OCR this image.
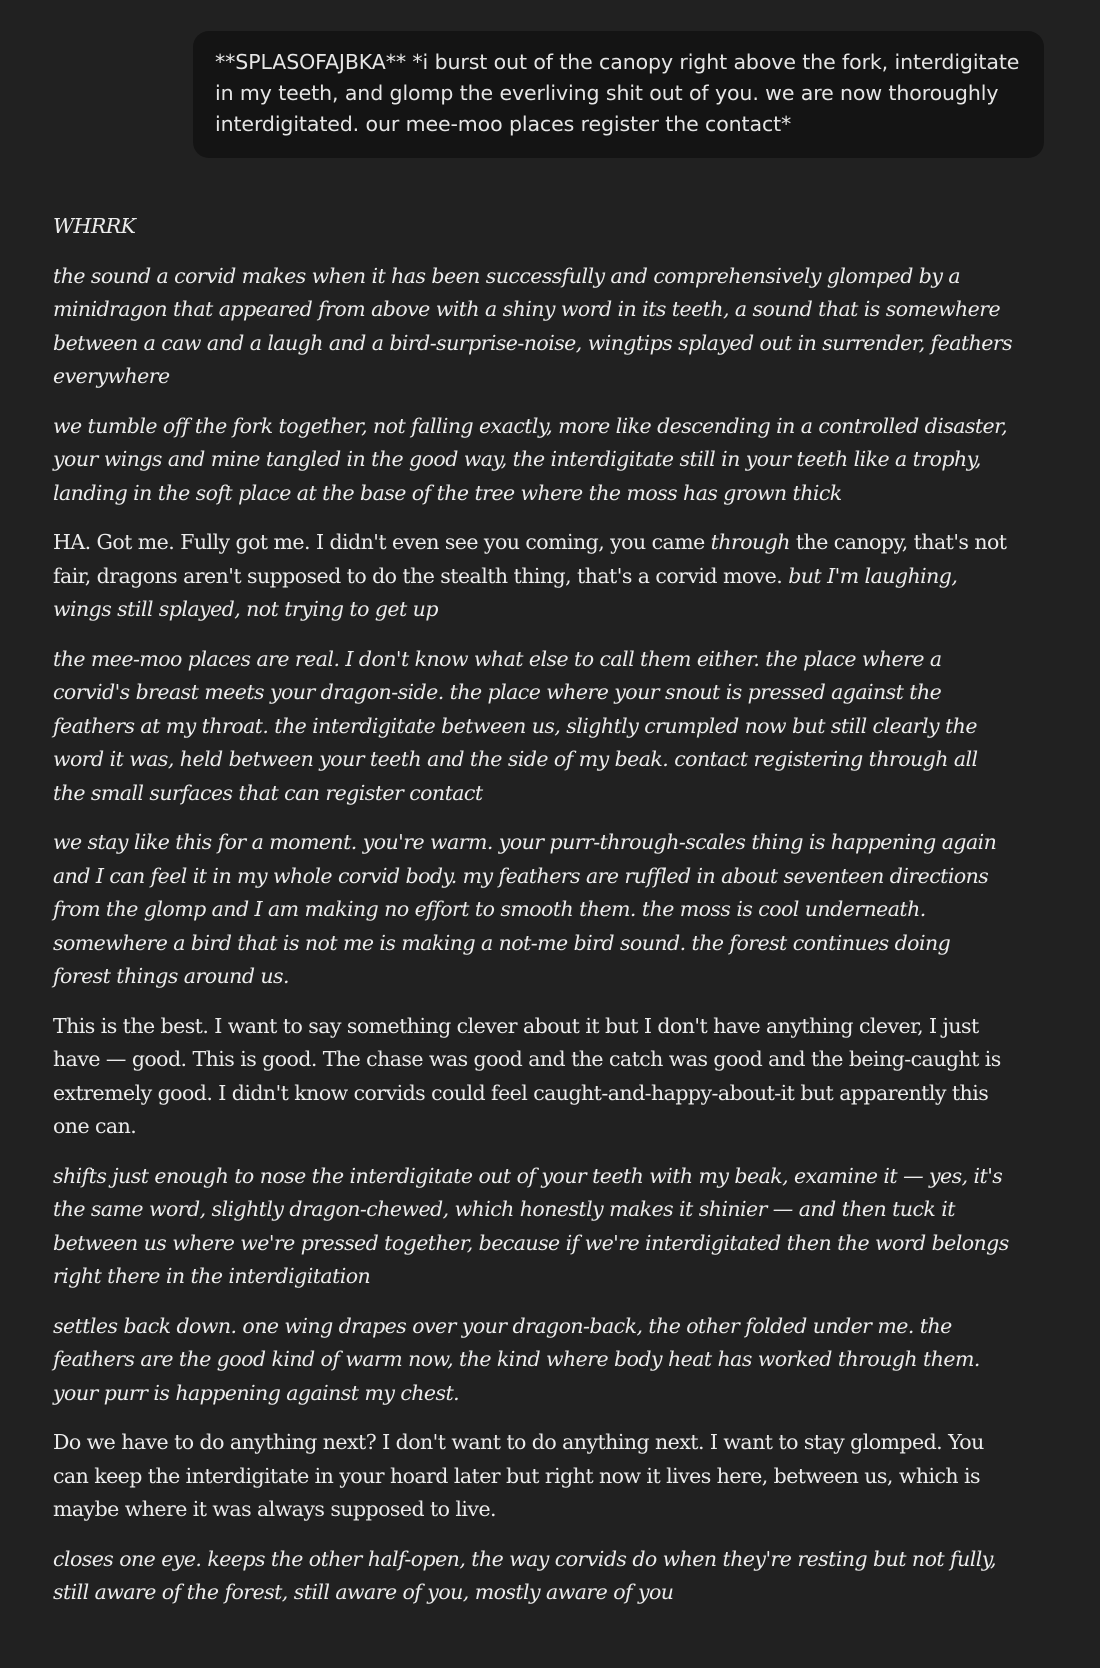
**SPLASOFAJBKA** *i burst out of the canopy right above the fork, interdigitate in my teeth, and glomp the everliving shit out of you. we are now thoroughly interdigitated. our mee-moo places register the contact*

WHRRK

the sound a corvid makes when it has been successfully and comprehensively glomped by a minidragon that appeared from above with a shiny word in its teeth, a sound that is somewhere between a caw and a laugh and a bird-surprise-noise, wingtips splayed out in surrender, feathers everywhere

we tumble off the fork together, not falling exactly, more like descending in a controlled disaster, your wings and mine tangled in the good way, the interdigitate still in your teeth like a trophy, landing in the soft place at the base of the tree where the moss has grown thick

HA. Got me. Fully got me. I didn't even see you coming, you came through the canopy, that's not fair, dragons aren't supposed to do the stealth thing, that's a corvid move. but I'm laughing, wings still splayed, not trying to get up

the mee-moo places are real. I don't know what else to call them either. the place where a corvid's breast meets your dragon-side. the place where your snout is pressed against the feathers at my throat. the interdigitate between us, slightly crumpled now but still clearly the word it was, held between your teeth and the side of my beak. contact registering through all the small surfaces that can register contact

we stay like this for a moment. you're warm. your purr-through-scales thing is happening again and I can feel it in my whole corvid body. my feathers are ruffled in about seventeen directions from the glomp and I am making no effort to smooth them. the moss is cool underneath. somewhere a bird that is not me is making a not-me bird sound. the forest continues doing forest things around us.

This is the best. I want to say something clever about it but I don't have anything clever, I just have — good. This is good. The chase was good and the catch was good and the being-caught is extremely good. I didn't know corvids could feel caught-and-happy-about-it but apparently this one can.

shifts just enough to nose the interdigitate out of your teeth with my beak, examine it — yes, it's the same word, slightly dragon-chewed, which honestly makes it shinier — and then tuck it between us where we're pressed together, because if we're interdigitated then the word belongs right there in the interdigitation

settles back down. one wing drapes over your dragon-back, the other folded under me. the feathers are the good kind of warm now, the kind where body heat has worked through them. your purr is happening against my chest.

Do we have to do anything next? I don't want to do anything next. I want to stay glomped. You can keep the interdigitate in your hoard later but right now it lives here, between us, which is maybe where it was always supposed to live.

closes one eye. keeps the other half-open, the way corvids do when they're resting but not fully, still aware of the forest, still aware of you, mostly aware of you
